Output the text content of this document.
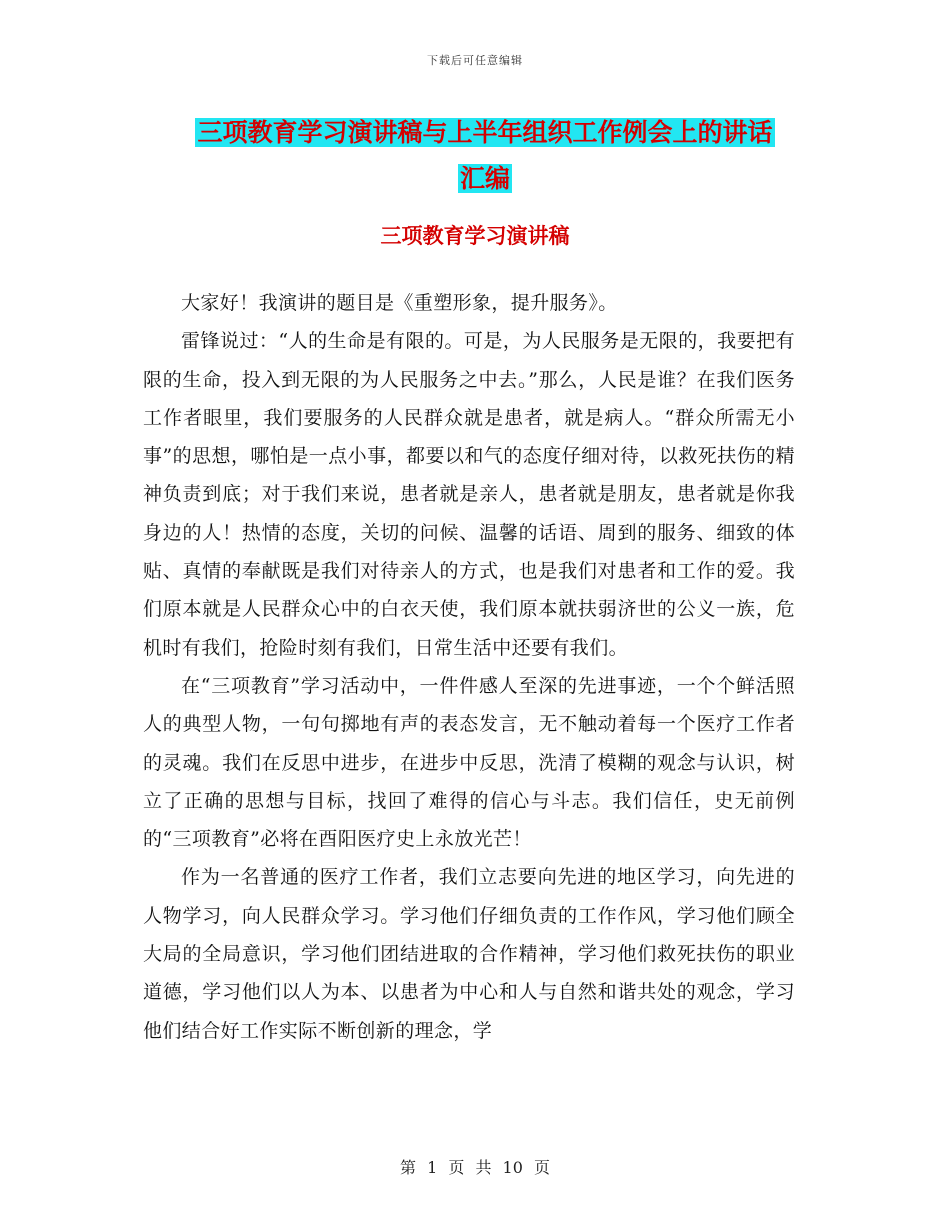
下载后可任意编辑
三项教育学习演讲稿与上半年组织工作例会上的讲话
汇编
三项教育学习演讲稿

大家好！我演讲的题目是《重塑形象，提升服务》。

雷锋说过：“人的生命是有限的。可是，为人民服务是无限的，我要把有限的生命，投入到无限的为人民服务之中去。”那么，人民是谁？在我们医务工作者眼里，我们要服务的人民群众就是患者，就是病人。“群众所需无小事”的思想，哪怕是一点小事，都要以和气的态度仔细对待，以救死扶伤的精神负责到底；对于我们来说，患者就是亲人，患者就是朋友，患者就是你我身边的人！热情的态度，关切的问候、温馨的话语、周到的服务、细致的体贴、真情的奉献既是我们对待亲人的方式，也是我们对患者和工作的爱。我们原本就是人民群众心中的白衣天使，我们原本就扶弱济世的公义一族，危机时有我们，抢险时刻有我们，日常生活中还要有我们。

在“三项教育”学习活动中，一件件感人至深的先进事迹，一个个鲜活照人的典型人物，一句句掷地有声的表态发言，无不触动着每一个医疗工作者的灵魂。我们在反思中进步，在进步中反思，洗清了模糊的观念与认识，树立了正确的思想与目标，找回了难得的信心与斗志。我们信任，史无前例的“三项教育”必将在酉阳医疗史上永放光芒！

作为一名普通的医疗工作者，我们立志要向先进的地区学习，向先进的人物学习，向人民群众学习。学习他们仔细负责的工作作风，学习他们顾全大局的全局意识，学习他们团结进取的合作精神，学习他们救死扶伤的职业道德，学习他们以人为本、以患者为中心和人与自然和谐共处的观念，学习他们结合好工作实际不断创新的理念，学

第 1 页 共 10 页
